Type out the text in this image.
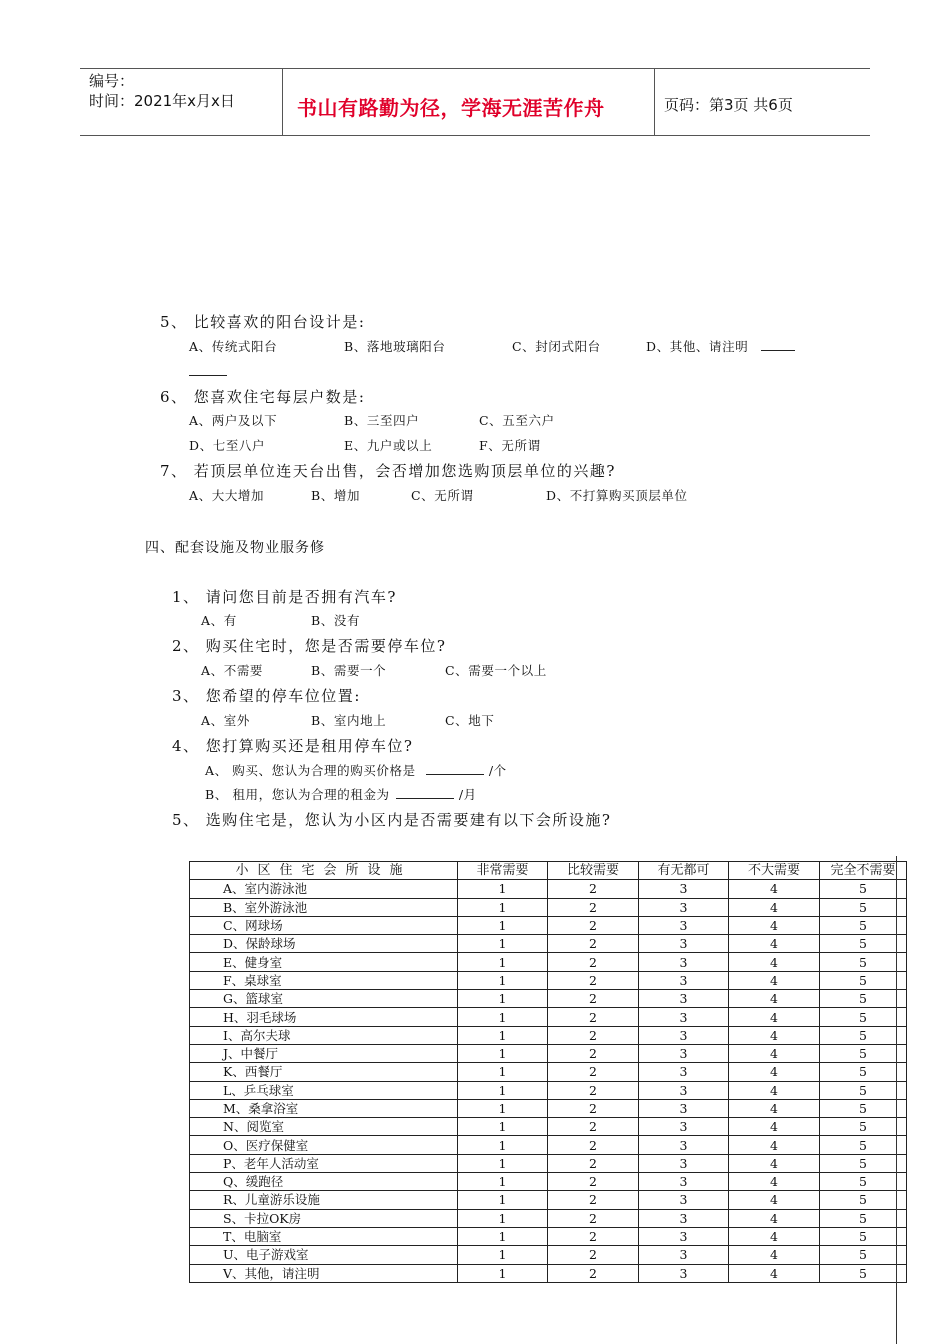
编号：
时间：2021年x月x日	书山有路勤为径，学海无涯苦作舟	页码：第3页 共6页
5、 比较喜欢的阳台设计是:
A、传统式阳台	B、落地玻璃阳台	C、封闭式阳台	D、其他、请注明
6、 您喜欢住宅每层户数是:
A、两户及以下	B、三至四户	C、五至六户
D、七至八户	E、九户或以上	F、无所谓
7、 若顶层单位连天台出售，会否增加您选购顶层单位的兴趣?
A、大大增加	B、增加	C、无所谓	D、不打算购买顶层单位
四、配套设施及物业服务修
1、 请问您目前是否拥有汽车?
A、有	B、没有
2、 购买住宅时，您是否需要停车位?
A、不需要	B、需要一个	C、需要一个以上
3、 您希望的停车位位置:
A、室外	B、室内地上	C、地下
4、 您打算购买还是租用停车位?
A、 购买、您认为合理的购买价格是	/个
B、 租用，您认为合理的租金为	/月
5、 选购住宅是，您认为小区内是否需要建有以下会所设施?
小区住宅会所设施	非常需要	比较需要	有无都可	不大需要	完全不需要
A、室内游泳池	1	2	3	4	5
B、室外游泳池	1	2	3	4	5
C、网球场	1	2	3	4	5
D、保龄球场	1	2	3	4	5
E、健身室	1	2	3	4	5
F、桌球室	1	2	3	4	5
G、篮球室	1	2	3	4	5
H、羽毛球场	1	2	3	4	5
I、高尔夫球	1	2	3	4	5
J、中餐厅	1	2	3	4	5
K、西餐厅	1	2	3	4	5
L、乒乓球室	1	2	3	4	5
M、桑拿浴室	1	2	3	4	5
N、阅览室	1	2	3	4	5
O、医疗保健室	1	2	3	4	5
P、老年人活动室	1	2	3	4	5
Q、缓跑径	1	2	3	4	5
R、儿童游乐设施	1	2	3	4	5
S、卡拉OK房	1	2	3	4	5
T、电脑室	1	2	3	4	5
U、电子游戏室	1	2	3	4	5
V、其他，请注明	1	2	3	4	5
